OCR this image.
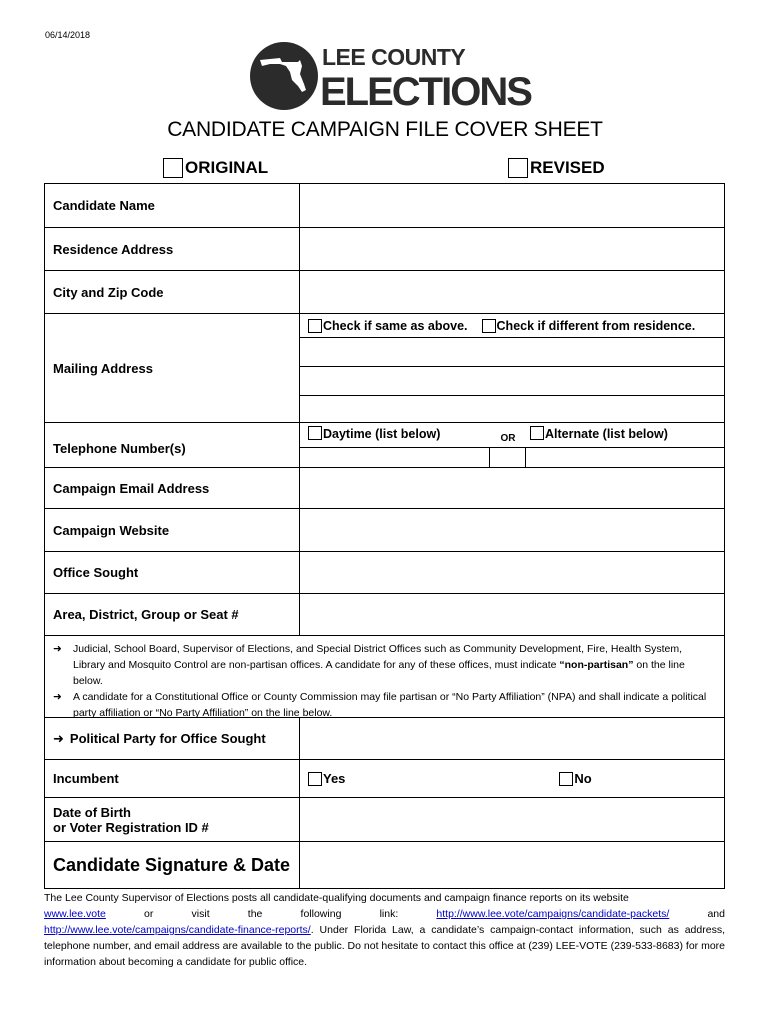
06/14/2018
LEE COUNTY
ELECTIONS
CANDIDATE CAMPAIGN FILE COVER SHEET
ORIGINAL	REVISED
Candidate Name
Residence Address
City and Zip Code
Mailing Address
Check if same as above. Check if different from residence.
Telephone Number(s)
Daytime (list below)	OR	Alternate (list below)
Campaign Email Address
Campaign Website
Office Sought
Area, District, Group or Seat #
➜	Judicial, School Board, Supervisor of Elections, and Special District Offices such as Community Development, Fire, Health System, Library and Mosquito Control are non-partisan offices. A candidate for any of these offices, must indicate “non-partisan” on the line below.
➜	A candidate for a Constitutional Office or County Commission may file partisan or “No Party Affiliation” (NPA) and shall indicate a political party affiliation or “No Party Affiliation” on the line below.
➜ Political Party for Office Sought
Incumbent	Yes	No
Date of Birth
or Voter Registration ID #
Candidate Signature & Date
The Lee County Supervisor of Elections posts all candidate-qualifying documents and campaign finance reports on its website
www.lee.vote	or	visit	the	following	link:	http://www.lee.vote/campaigns/candidate-packets/	and
http://www.lee.vote/campaigns/candidate-finance-reports/. Under Florida Law, a candidate’s campaign-contact information, such as address, telephone number, and email address are available to the public. Do not hesitate to contact this office at (239) LEE-VOTE (239-533-8683) for more information about becoming a candidate for public office.
